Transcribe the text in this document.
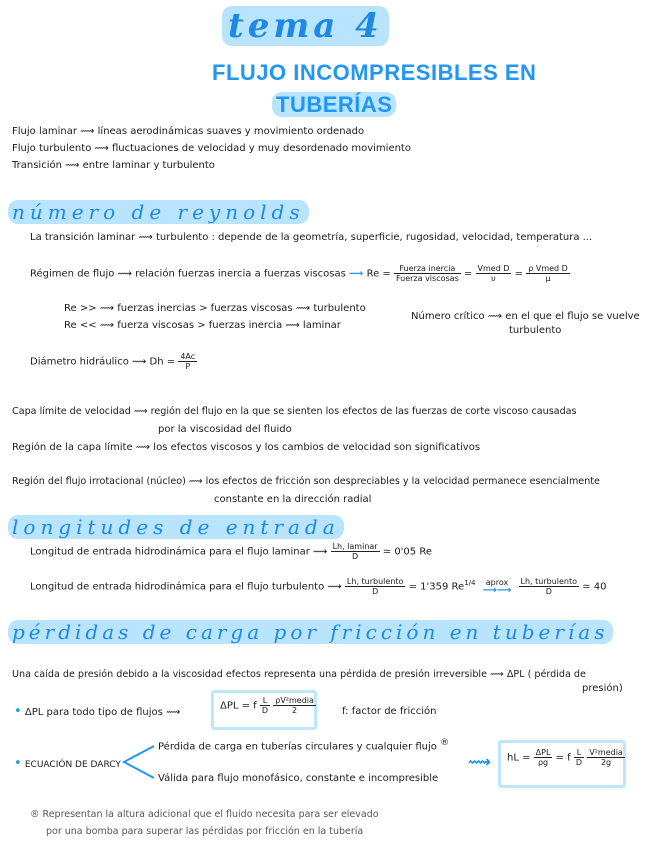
tema 4
FLUJO INCOMPRESIBLES EN
TUBERÍAS
Flujo laminar ⟿ líneas aerodinámicas suaves y movimiento ordenado
Flujo turbulento ⟿ fluctuaciones de velocidad y muy desordenado movimiento
Transición ⟿ entre laminar y turbulento
número de reynolds
La transición laminar ⟿ turbulento : depende de la geometría, superficie, rugosidad, velocidad, temperatura ...
Régimen de flujo ⟿ relación fuerzas inercia a fuerzas viscosas ⟶ $Re = \frac{\text{Fuerza inercia}}{\text{Fuerza viscosas}} = \frac{\text{Vmed D}}{\upsilon} = \frac{\text{ρ Vmed D}}{\mu}$
Re >> ⟿ fuerzas inercias > fuerzas viscosas ⟿ turbulento
Re << ⟿ fuerza viscosas > fuerzas inercia ⟿ laminar
Número crítico ⟿ en el que el flujo se vuelve
turbulento
Diámetro hidráulico ⟿ $Dh = \frac{4Ac}{P}$
Capa límite de velocidad ⟿ región del flujo en la que se sienten los efectos de las fuerzas de corte viscoso causadas
por la viscosidad del fluido
Región de la capa límite ⟿ los efectos viscosos y los cambios de velocidad son significativos
Región del flujo irrotacional (núcleo) ⟿ los efectos de fricción son despreciables y la velocidad permanece esencialmente
constante en la dirección radial
longitudes de entrada
Longitud de entrada hidrodinámica para el flujo laminar ⟿ $\frac{\text{Lh, laminar}}{D}$ ≃ 0'05 Re
Longitud de entrada hidrodinámica para el flujo turbulento ⟿ $\frac{\text{Lh, turbulento}}{D} = 1'359$ $Re^{1/4}$	aprox
⟶⟶
$\frac{\text{Lh, turbulento}}{D}$ ≃ 40
pérdidas de carga por fricción en tuberías
Una caída de presión debido a la viscosidad efectos representa una pérdida de presión irreversible ⟿ ΔPL ( pérdida de
presión)
• ΔPL para todo tipo de flujos ⟿
ΔPL = f $\frac{L}{D}$
$\frac{\text{ρV²media}}{2}$	f: factor de fricción
• ECUACIÓN DE DARCY
Pérdida de carga en tuberías circulares y cualquier flujo ®
Válida para flujo monofásico, constante e incompresible
⟿ hL = $\frac{\text{ΔPL}}{\rho g} = f \frac{L}{D}$
$\frac{\text{V²media}}{2g}$
® Representan la altura adicional que el fluido necesita para ser elevado
por una bomba para superar las pérdidas por fricción en la tubería
